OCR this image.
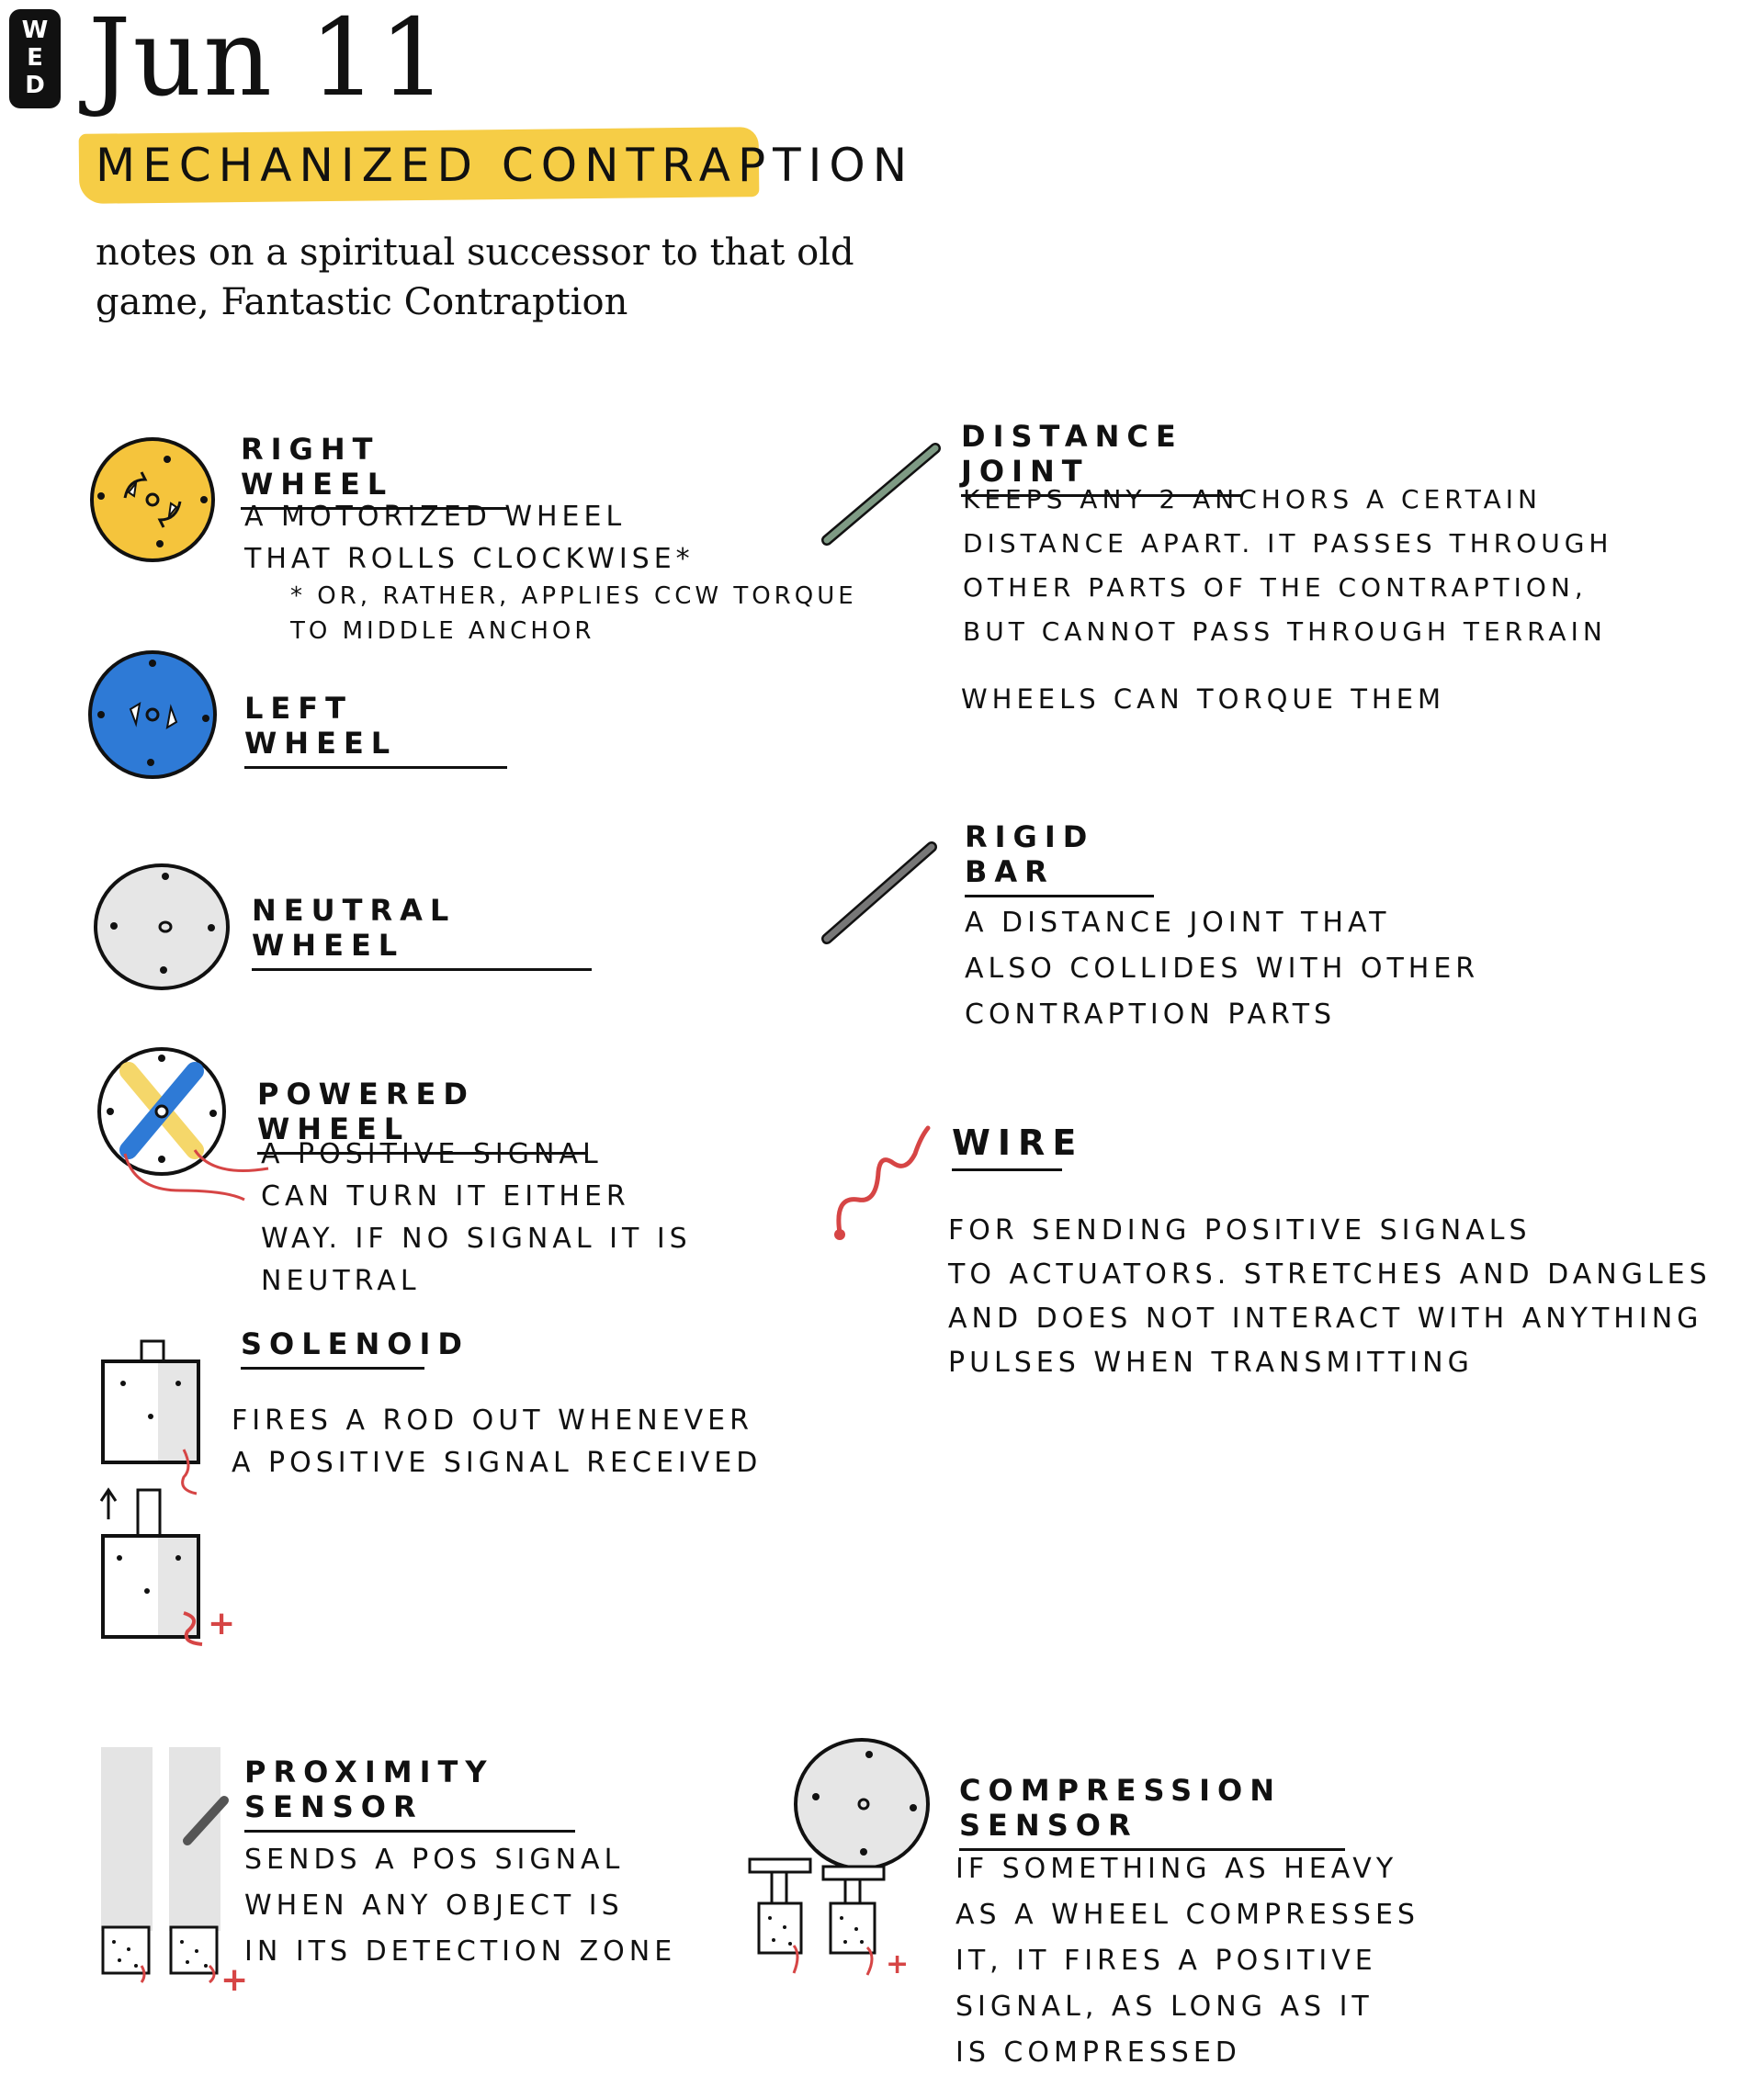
W
E
D Jun 11
MECHANIZED CONTRAPTION
notes on a spiritual successor to that old
game, Fantastic Contraption
RIGHT WHEEL
A MOTORIZED WHEEL
THAT ROLLS CLOCKWISE*
* OR, RATHER, APPLIES CCW TORQUE
TO MIDDLE ANCHOR
LEFT WHEEL
NEUTRAL WHEEL
POWERED WHEEL
A POSITIVE SIGNAL
CAN TURN IT EITHER
WAY. IF NO SIGNAL IT IS
NEUTRAL
+
SOLENOID
FIRES A ROD OUT WHENEVER
A POSITIVE SIGNAL RECEIVED
+
PROXIMITY SENSOR
SENDS A POS SIGNAL
WHEN ANY OBJECT IS
IN ITS DETECTION ZONE
DISTANCE JOINT
KEEPS ANY 2 ANCHORS A CERTAIN
DISTANCE APART. IT PASSES THROUGH
OTHER PARTS OF THE CONTRAPTION,
BUT CANNOT PASS THROUGH TERRAIN
WHEELS CAN TORQUE THEM
RIGID BAR
A DISTANCE JOINT THAT
ALSO COLLIDES WITH OTHER
CONTRAPTION PARTS
WIRE
FOR SENDING POSITIVE SIGNALS
TO ACTUATORS. STRETCHES AND DANGLES
AND DOES NOT INTERACT WITH ANYTHING
PULSES WHEN TRANSMITTING
+
COMPRESSION SENSOR
IF SOMETHING AS HEAVY
AS A WHEEL COMPRESSES
IT, IT FIRES A POSITIVE
SIGNAL, AS LONG AS IT
IS COMPRESSED
